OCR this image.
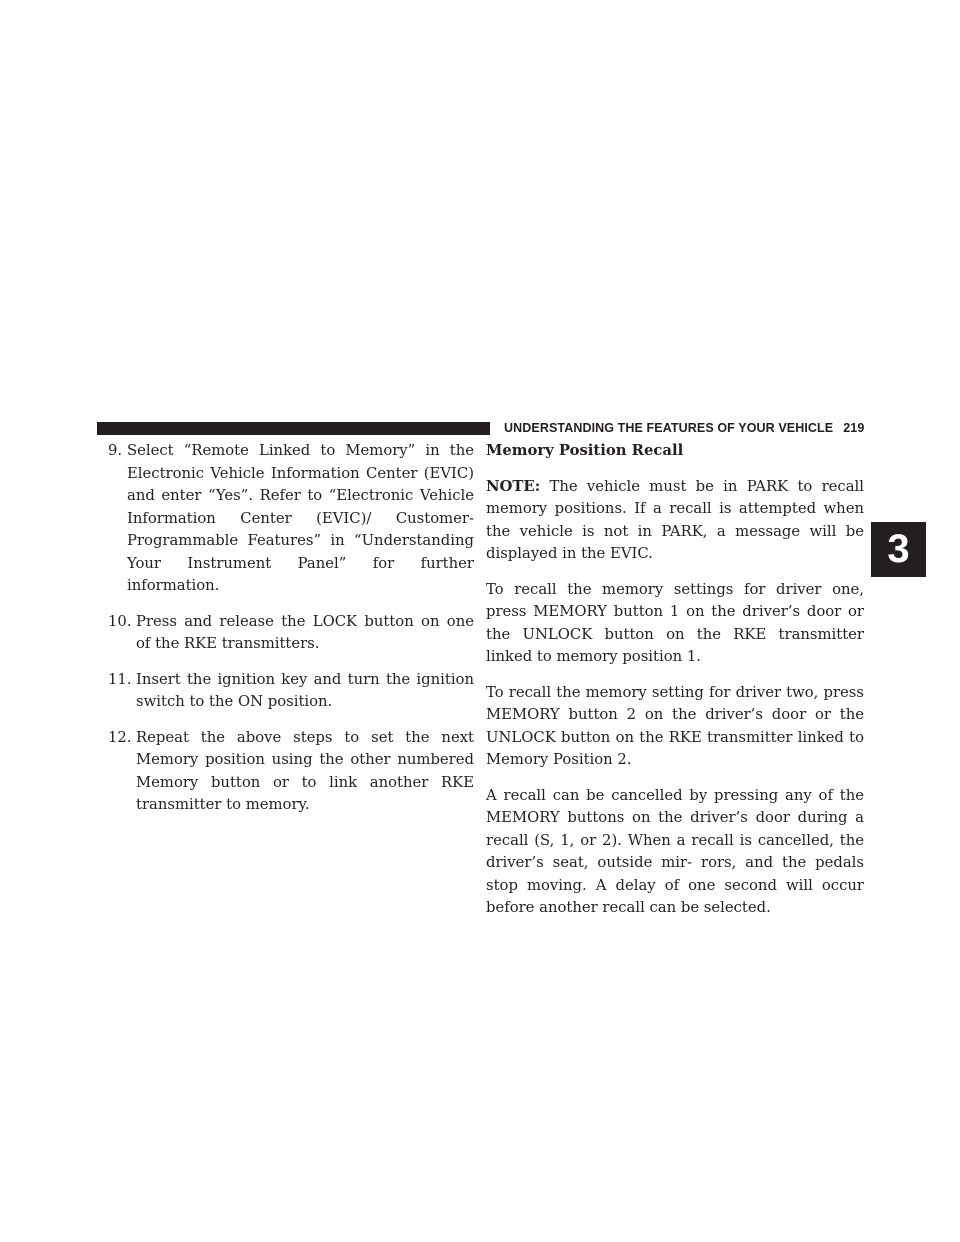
UNDERSTANDING THE FEATURES OF YOUR VEHICLE 219
3
9. Select “Remote Linked to Memory” in the Electronic Vehicle Information Center (EVIC) and enter “Yes”. Refer to “Electronic Vehicle Information Center (EVIC)/ Customer-Programmable Features” in “Understanding Your Instrument Panel” for further information.
10. Press and release the LOCK button on one of the RKE transmitters.
11. Insert the ignition key and turn the ignition switch to the ON position.
12. Repeat the above steps to set the next Memory position using the other numbered Memory button or to link another RKE transmitter to memory.
Memory Position Recall

NOTE: The vehicle must be in PARK to recall memory positions. If a recall is attempted when the vehicle is not in PARK, a message will be displayed in the EVIC.

To recall the memory settings for driver one, press MEMORY button 1 on the driver’s door or the UNLOCK button on the RKE transmitter linked to memory position 1.

To recall the memory setting for driver two, press MEMORY button 2 on the driver’s door or the UNLOCK button on the RKE transmitter linked to Memory Position 2.

A recall can be cancelled by pressing any of the MEMORY buttons on the driver’s door during a recall (S, 1, or 2). When a recall is cancelled, the driver’s seat, outside mir- rors, and the pedals stop moving. A delay of one second will occur before another recall can be selected.
